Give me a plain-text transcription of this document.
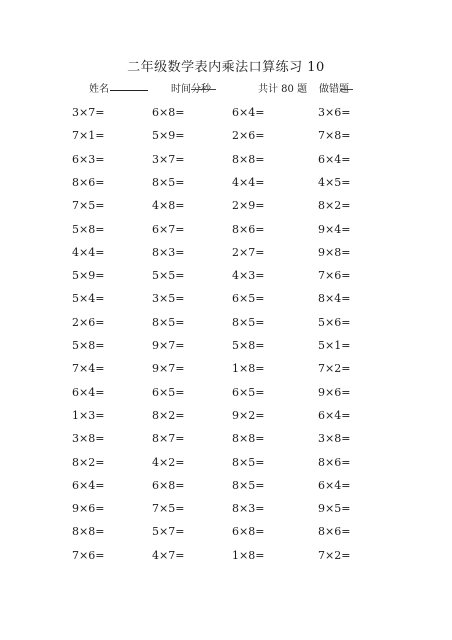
二年级数学表内乘法口算练习 10
姓名	时间
分
秒	共计 80 题 做错
题
3×7=	6×8=	6×4=	3×6=
7×1=	5×9=	2×6=	7×8=
6×3=	3×7=	8×8=	6×4=
8×6=	8×5=	4×4=	4×5=
7×5=	4×8=	2×9=	8×2=
5×8=	6×7=	8×6=	9×4=
4×4=	8×3=	2×7=	9×8=
5×9=	5×5=	4×3=	7×6=
5×4=	3×5=	6×5=	8×4=
2×6=	8×5=	8×5=	5×6=
5×8=	9×7=	5×8=	5×1=
7×4=	9×7=	1×8=	7×2=
6×4=	6×5=	6×5=	9×6=
1×3=	8×2=	9×2=	6×4=
3×8=	8×7=	8×8=	3×8=
8×2=	4×2=	8×5=	8×6=
6×4=	6×8=	8×5=	6×4=
9×6=	7×5=	8×3=	9×5=
8×8=	5×7=	6×8=	8×6=
7×6=	4×7=	1×8=	7×2=
